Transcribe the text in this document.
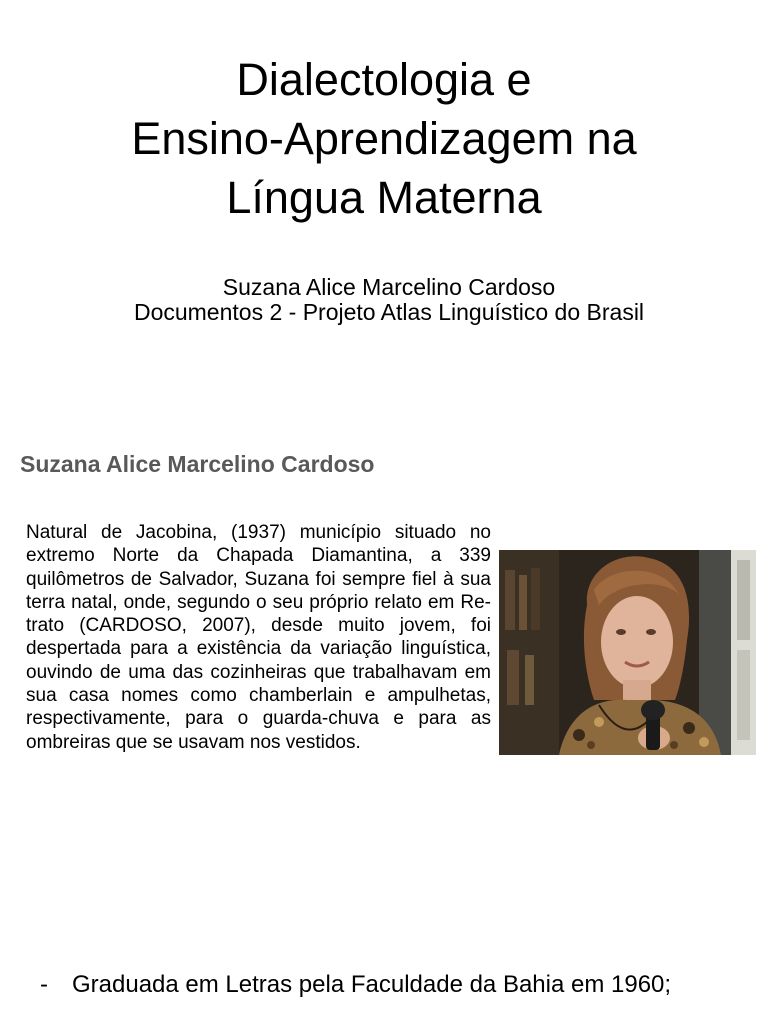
Dialectologia e
Ensino-Aprendizagem na
Língua Materna
Suzana Alice Marcelino Cardoso
Documentos 2 - Projeto Atlas Linguístico do Brasil
Suzana Alice Marcelino Cardoso

Natural de Jacobina, (1937) município situado no extremo Norte da Chapada Diamantina, a 339 quilômetros de Salvador, Suzana foi sempre fiel à sua terra natal, onde, segundo o seu próprio relato em Re-trato (CARDOSO, 2007), desde muito jovem, foi despertada para a existência da variação linguística, ouvindo de uma das cozinheiras que trabalhavam em sua casa nomes como chamberlain e ampulhetas, respectivamente, para o guarda-chuva e para as ombreiras que se usavam nos vestidos.

- Graduada em Letras pela Faculdade da Bahia em 1960;
